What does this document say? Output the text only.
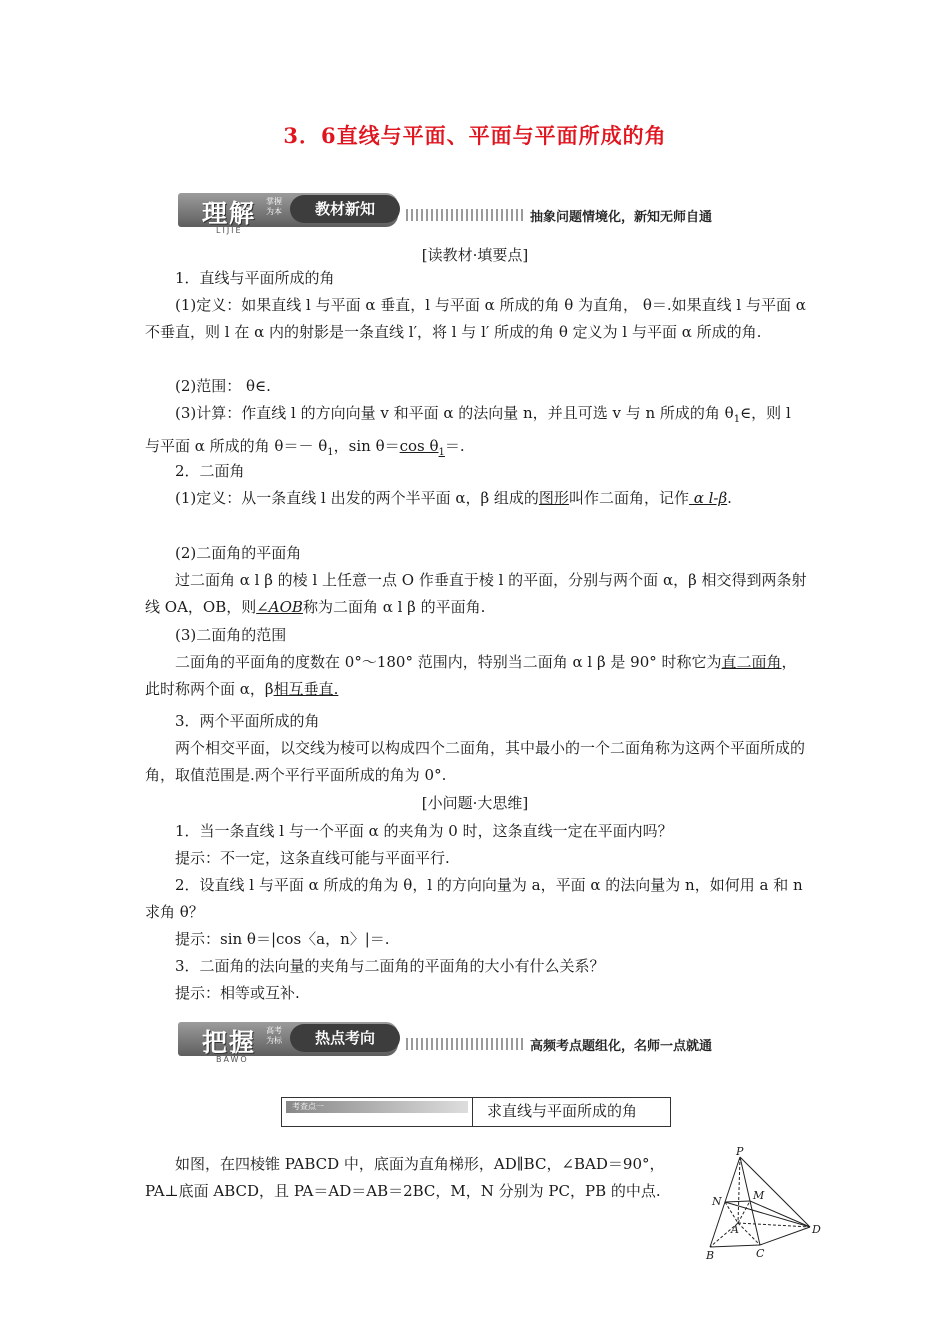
3．6直线与平面、平面与平面所成的角
理解 掌握为本	教材新知
LIJIE
抽象问题情境化，新知无师自通
[读教材·填要点]
1．直线与平面所成的角
(1)定义：如果直线 l 与平面 α 垂直，l 与平面 α 所成的角 θ 为直角， θ＝.如果直线 l 与平面 α 不垂直，则 l 在 α 内的射影是一条直线 l′，将 l 与 l′ 所成的角 θ 定义为 l 与平面 α 所成的角.
(2)范围： θ∈.
(3)计算：作直线 l 的方向向量 v 和平面 α 的法向量 n，并且可选 v 与 n 所成的角 $\theta_1\in$，则 l 与平面 α 所成的角 $\theta=- \theta_1$，sin θ＝cos $\theta_1=$.
2．二面角
(1)定义：从一条直线 l 出发的两个半平面 α，β 组成的图形叫作二面角，记作 α l-β.
(2)二面角的平面角
过二面角 α l β 的棱 l 上任意一点 O 作垂直于棱 l 的平面，分别与两个面 α，β 相交得到两条射线 OA，OB，则∠AOB称为二面角 α l β 的平面角.
(3)二面角的范围
二面角的平面角的度数在 0°～180° 范围内，特别当二面角 α l β 是 90° 时称它为直二面角，此时称两个面 α，β相互垂直.
3．两个平面所成的角
两个相交平面，以交线为棱可以构成四个二面角，其中最小的一个二面角称为这两个平面所成的角，取值范围是.两个平行平面所成的角为 0°.
[小问题·大思维]
1．当一条直线 l 与一个平面 α 的夹角为 0 时，这条直线一定在平面内吗？
提示：不一定，这条直线可能与平面平行.
2．设直线 l 与平面 α 所成的角为 θ，l 的方向向量为 a，平面 α 的法向量为 n，如何用 a 和 n 求角 θ？
提示：sin θ＝|cos〈a，n〉|＝.
3．二面角的法向量的夹角与二面角的平面角的大小有什么关系？
提示：相等或互补.
把握 高考为标	热点考向
BAWO
高频考点题组化，名师一点就通
考查点一	求直线与平面所成的角
如图，在四棱锥 PABCD 中，底面为直角梯形，AD∥BC，∠BAD＝90°，PA⊥底面 ABCD，且 PA＝AD＝AB＝2BC，M，N 分别为 PC，PB 的中点.
P
M
N
A
B	C
D
